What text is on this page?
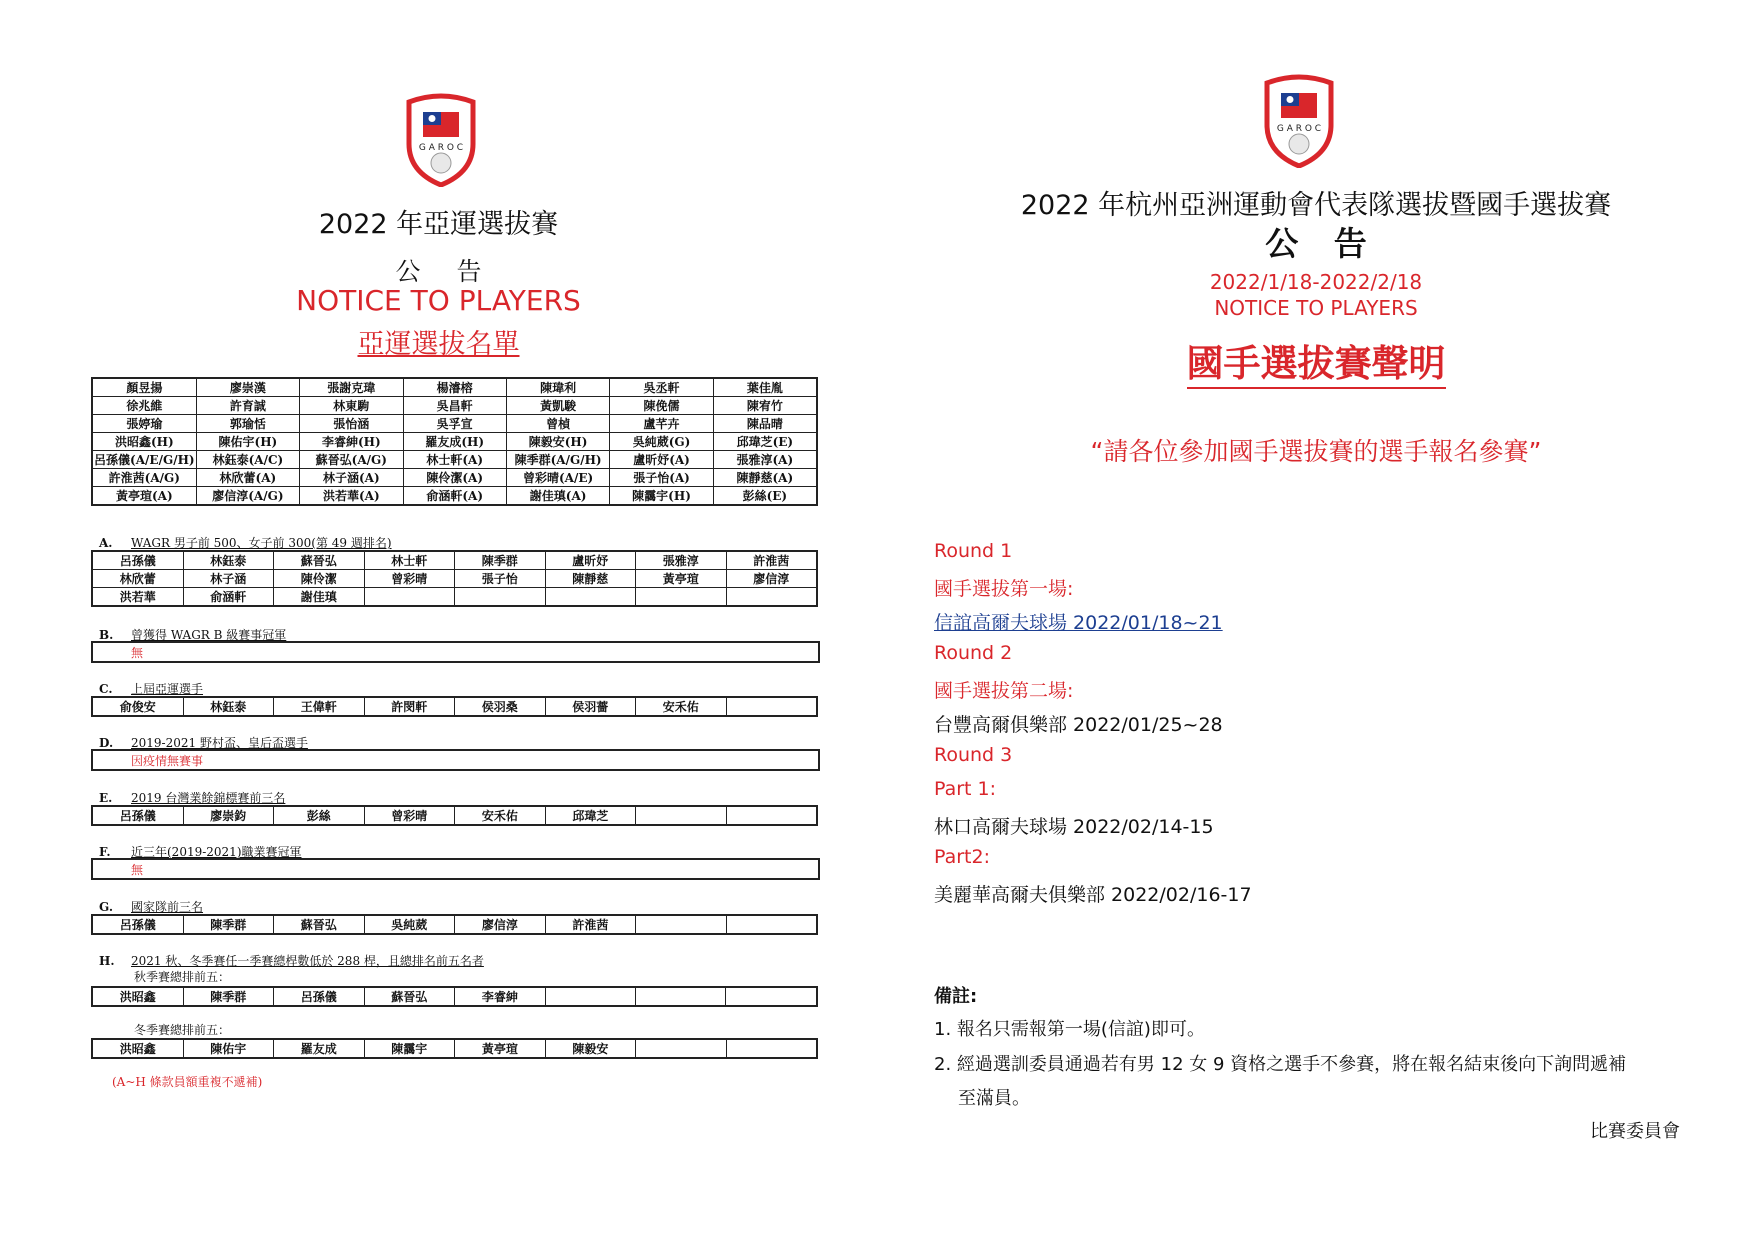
G A R O C
2022 年亞運選拔賽
公 告
NOTICE TO PLAYERS
亞運選拔名單
顏昱揚	廖崇漢	張謝克瑋	楊濬榕	陳瑋利	吳丞軒	葉佳胤
徐兆維	許育誠	林東駒	吳昌軒	黃凱駿	陳俛儒	陳宥竹
張婷瑜	郭瑜恬	張怡涵	吳孚宣	曾楨	盧芊卉	陳品晴
洪昭鑫(H)	陳佑宇(H)	李睿紳(H)	羅友成(H)	陳毅安(H)	吳純葳(G)	邱瑋芝(E)
呂孫儀(A/E/G/H)	林鈺泰(A/C)	蘇晉弘(A/G)	林士軒(A)	陳季群(A/G/H)	盧昕妤(A)	張雅淳(A)
許淮茜(A/G)	林欣蕾(A)	林子涵(A)	陳伶潔(A)	曾彩晴(A/E)	張子怡(A)	陳靜慈(A)
黃亭瑄(A)	廖信淳(A/G)	洪若華(A)	俞涵軒(A)	謝佳瑱(A)	陳靄宇(H)	彭絲(E)
A. WAGR 男子前 500、女子前 300(第 49 週排名)
呂孫儀	林鈺泰	蘇晉弘	林士軒	陳季群	盧昕妤	張雅淳	許淮茜
林欣蕾	林子涵	陳伶潔	曾彩晴	張子怡	陳靜慈	黃亭瑄	廖信淳
洪若華	俞涵軒	謝佳瑱					
B. 曾獲得 WAGR B 級賽事冠軍
無
C. 上屆亞運選手
俞俊安	林鈺泰	王偉軒	許閔軒	侯羽桑	侯羽薔	安禾佑	
D. 2019-2021 野村盃、皇后盃選手
因疫情無賽事
E. 2019 台灣業餘錦標賽前三名
呂孫儀	廖崇鈞	彭絲	曾彩晴	安禾佑	邱瑋芝		
F. 近三年(2019-2021)職業賽冠軍
無
G. 國家隊前三名
呂孫儀	陳季群	蘇晉弘	吳純葳	廖信淳	許淮茜		
H. 2021 秋、冬季賽任一季賽總桿數低於 288 桿，且總排名前五名者
秋季賽總排前五：
洪昭鑫	陳季群	呂孫儀	蘇晉弘	李睿紳			
冬季賽總排前五：
洪昭鑫	陳佑宇	羅友成	陳靄宇	黃亭瑄	陳毅安		
(A~H 條款員額重複不遞補)
G A R O C
2022 年杭州亞洲運動會代表隊選拔暨國手選拔賽
公 告
2022/1/18-2022/2/18
NOTICE TO PLAYERS
國手選拔賽聲明
“請各位參加國手選拔賽的選手報名參賽”
Round 1
國手選拔第一場:
信誼高爾夫球場 2022/01/18~21
Round 2
國手選拔第二場:
台豐高爾俱樂部 2022/01/25~28
Round 3
Part 1:
林口高爾夫球場 2022/02/14-15
Part2:
美麗華高爾夫俱樂部 2022/02/16-17
備註:
1. 報名只需報第一場(信誼)即可。
2. 經過選訓委員通過若有男 12 女 9 資格之選手不參賽，將在報名結束後向下詢問遞補
至滿員。
比賽委員會
